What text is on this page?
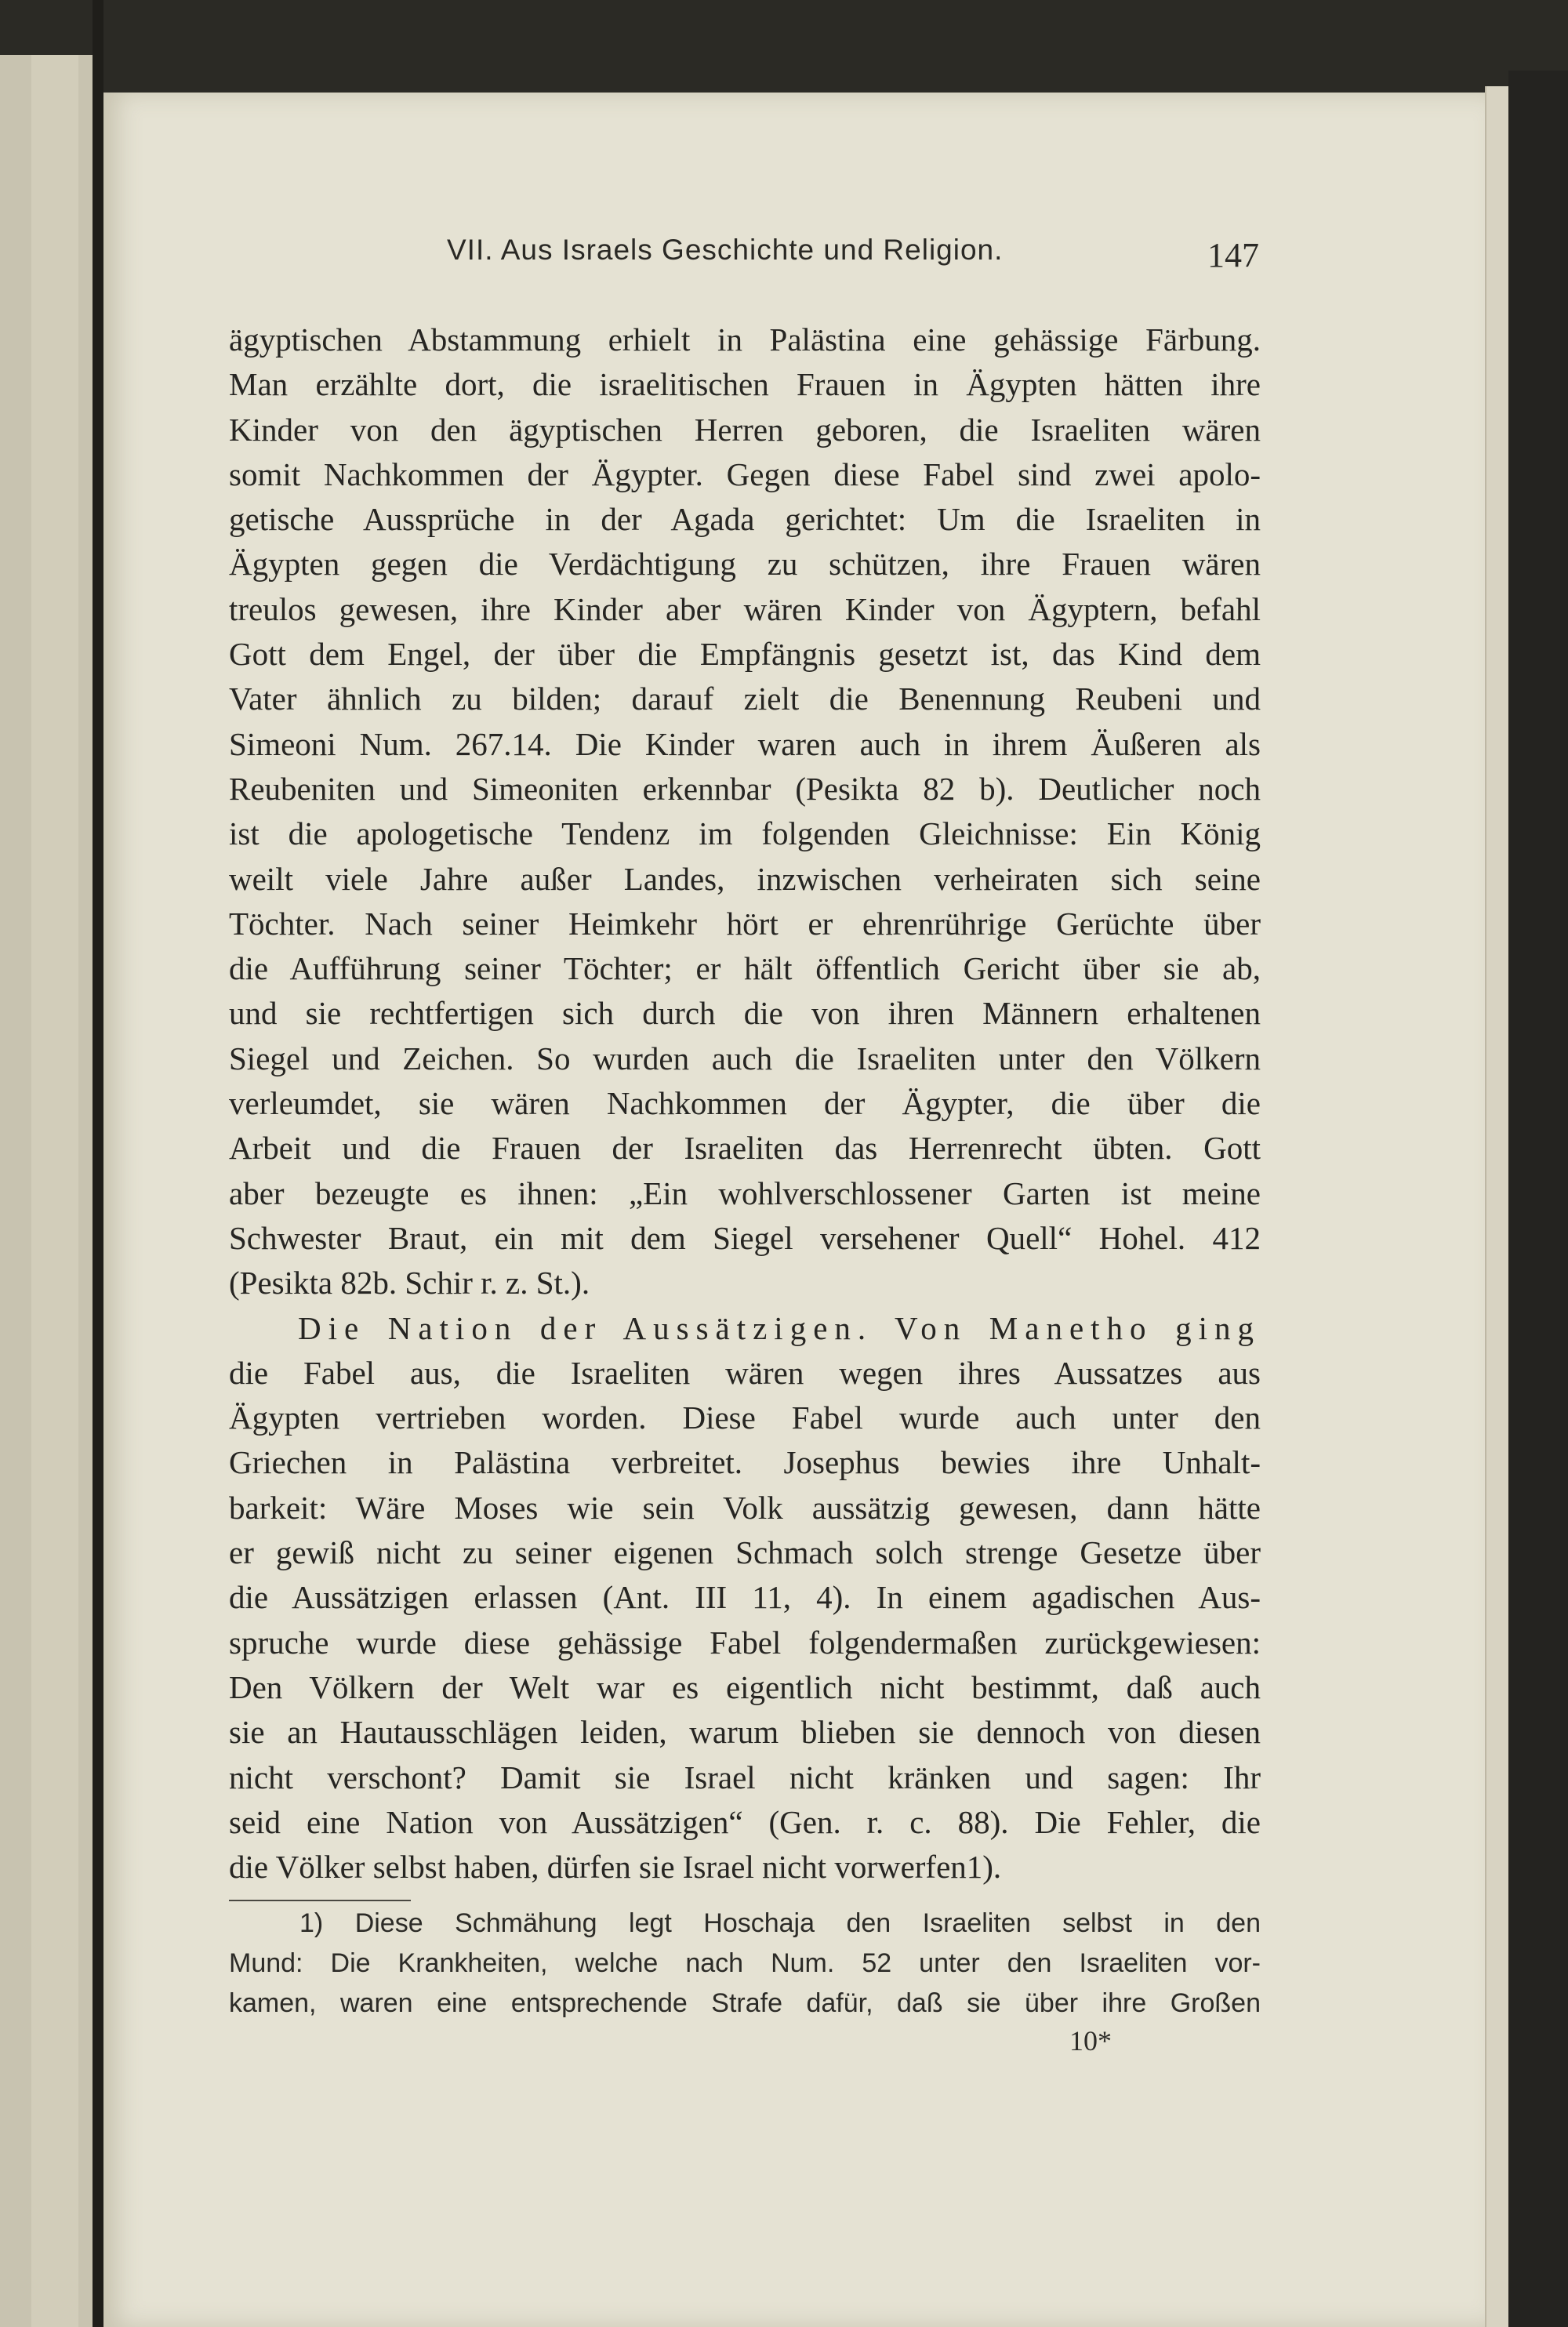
VII. Aus Israels Geschichte und Religion.	147
ägyptischen Abstammung erhielt in Palästina eine gehässige Färbung.
Man erzählte dort, die israelitischen Frauen in Ägypten hätten ihre
Kinder von den ägyptischen Herren geboren, die Israeliten wären
somit Nachkommen der Ägypter. Gegen diese Fabel sind zwei apolo-
getische Aussprüche in der Agada gerichtet: Um die Israeliten in
Ägypten gegen die Verdächtigung zu schützen, ihre Frauen wären
treulos gewesen, ihre Kinder aber wären Kinder von Ägyptern, befahl
Gott dem Engel, der über die Empfängnis gesetzt ist, das Kind dem
Vater ähnlich zu bilden; darauf zielt die Benennung Reubeni und
Simeoni Num. 267.14. Die Kinder waren auch in ihrem Äußeren als
Reubeniten und Simeoniten erkennbar (Pesikta 82 b). Deutlicher noch
ist die apologetische Tendenz im folgenden Gleichnisse: Ein König
weilt viele Jahre außer Landes, inzwischen verheiraten sich seine
Töchter. Nach seiner Heimkehr hört er ehrenrührige Gerüchte über
die Aufführung seiner Töchter; er hält öffentlich Gericht über sie ab,
und sie rechtfertigen sich durch die von ihren Männern erhaltenen
Siegel und Zeichen. So wurden auch die Israeliten unter den Völkern
verleumdet, sie wären Nachkommen der Ägypter, die über die
Arbeit und die Frauen der Israeliten das Herrenrecht übten. Gott
aber bezeugte es ihnen: „Ein wohlverschlossener Garten ist meine
Schwester Braut, ein mit dem Siegel versehener Quell“ Hohel. 412
(Pesikta 82b. Schir r. z. St.).
Die Nation der Aussätzigen. Von Manetho ging
die Fabel aus, die Israeliten wären wegen ihres Aussatzes aus
Ägypten vertrieben worden. Diese Fabel wurde auch unter den
Griechen in Palästina verbreitet. Josephus bewies ihre Unhalt-
barkeit: Wäre Moses wie sein Volk aussätzig gewesen, dann hätte
er gewiß nicht zu seiner eigenen Schmach solch strenge Gesetze über
die Aussätzigen erlassen (Ant. III 11, 4). In einem agadischen Aus-
spruche wurde diese gehässige Fabel folgendermaßen zurückgewiesen:
Den Völkern der Welt war es eigentlich nicht bestimmt, daß auch
sie an Hautausschlägen leiden, warum blieben sie dennoch von diesen
nicht verschont? Damit sie Israel nicht kränken und sagen: Ihr
seid eine Nation von Aussätzigen“ (Gen. r. c. 88). Die Fehler, die
die Völker selbst haben, dürfen sie Israel nicht vorwerfen1).
1) Diese Schmähung legt Hoschaja den Israeliten selbst in den
Mund: Die Krankheiten, welche nach Num. 52 unter den Israeliten vor-
kamen, waren eine entsprechende Strafe dafür, daß sie über ihre Großen
10*
